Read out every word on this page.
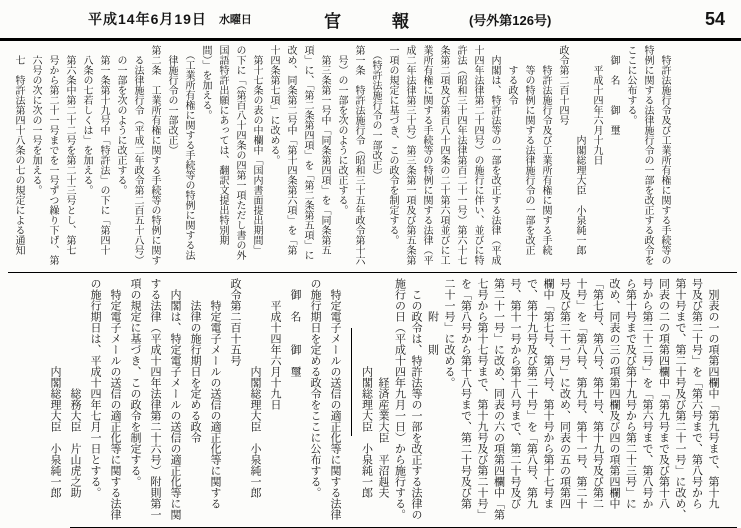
平成14年6月19日 水曜日	官　　　報	(号外第126号)	54
　特許法施行令及び工業所有権に関する手続等の
特例に関する法律施行令の一部を改正する政令を
ここに公布する。
　御　名　　御　璽
　　平成十四年六月十九日
　　　　　　　　　内閣総理大臣　小泉純一郎
政令第二百十四号
　　特許法施行令及び工業所有権に関する手続
　　等の特例に関する法律施行令の一部を改正
　　する政令
　内閣は、特許法等の一部を改正する法律（平成
十四年法律第二十四号）の施行に伴い、並びに特
許法（昭和三十四年法律第百二十一号）第六十七
条第二項及び第百八十四条の二十第六項並びに工
業所有権に関する手続等の特例に関する法律（平
成二年法律第三十号）第三条第一項及び第五条第
一項の規定に基づき、この政令を制定する。
　（特許法施行令の一部改正）
第一条　特許法施行令（昭和三十五年政令第十六
　号）の一部を次のように改正する。
　第三条第一号中「同条第四項」を「同条第五
項」に、「第二条第四項」を「第二条第五項」に
改め、同条第二号中「第十四条第六項」を「第
十四条第七項」に改める。
　第十七条の表の中欄中「国内書面提出期間」
の下に「（第百八十四条の四第一項ただし書の外
国語特許出願にあっては、翻訳文提出特別期
間）」を加える。
　（工業所有権に関する手続等の特例に関する法
　律施行令の一部改正）
第二条　工業所有権に関する手続等の特例に関す
　る法律施行令（平成二年政令第二百五十八号）
　の一部を次のように改正する。
　第一条第十九号中「特許法」の下に「第四十
　八条の七若しくは」を加える。
　第六条中第二十二号を第二十三号とし、第七
　号から第二十一号までを一号ずつ繰り下げ、第
　六号の次に次の一号を加える。
　七　特許法第四十八条の七の規定による通知
　別表の一の項第四欄中「第九号まで、第十九
号及び第二十号」を「第六号まで、第八号から
第十号まで、第二十号及び第二十一号」に改め、
同表の二の項第四欄中「第九号まで及び第十八
号から第二十二号」を「第六号まで、第八号か
ら第十号まで及び第十九号から第二十三号」に
改め、同表の三の項第四欄及び四の項第四欄中
「第七号、第八号、第十号、第十九号及び第二
十号」を「第八号、第九号、第十一号、第二十
号及び第二十一号」に改め、同表の五の項第四
欄中「第七号、第八号、第十号から第十七号ま
で、第十九号及び第二十号」を「第八号、第九
号、第十一号から第十八号まで、第二十号及び
第二十一号」に改め、同表の六の項第四欄中「第
七号から第十七号まで、第十九号及び第二十号」
を「第八号から第十八号まで、第二十号及び第
二十一号」に改める。
　　　附　　則
　この政令は、特許法等の一部を改正する法律の
施行の日（平成十四年九月一日）から施行する。
　　　　　　　　　経済産業大臣　平沼赳夫
　　　　　　　　内閣総理大臣　小泉純一郎
　特定電子メールの送信の適正化等に関する法律
の施行期日を定める政令をここに公布する。
　御　名　　御　璽
　　平成十四年六月十九日
　　　　　　　　内閣総理大臣　小泉純一郎
政令第二百十五号
　　特定電子メールの送信の適正化等に関する
　　法律の施行期日を定める政令
　内閣は、特定電子メールの送信の適正化等に関
する法律（平成十四年法律第二十六号）附則第一
項の規定に基づき、この政令を制定する。
　特定電子メールの送信の適正化等に関する法律
の施行期日は、平成十四年七月一日とする。
　　　　　　　　　　総務大臣　片山虎之助
　　　　　　　　内閣総理大臣　小泉純一郎
